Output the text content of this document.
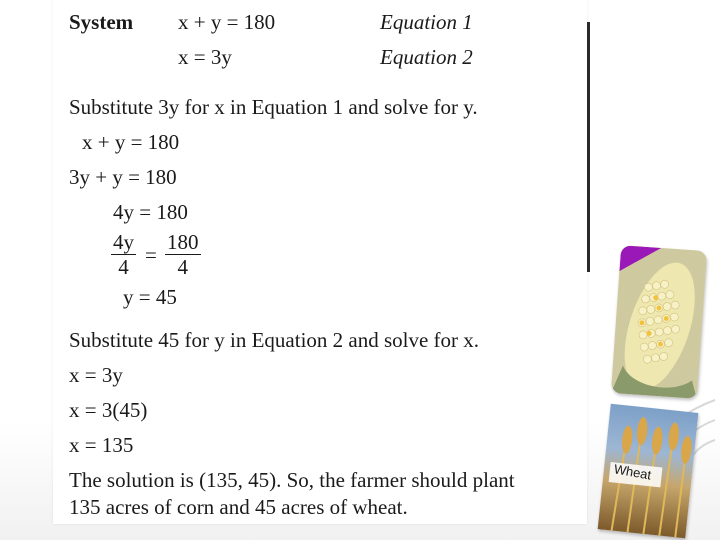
System x + y = 180	Equation 1
x = 3y	Equation 2
Substitute 3y for x in Equation 1 and solve for y.
x + y = 180
3y + y = 180
4y = 180
$\frac{4y}{4} = \frac{180}{4}$
y = 45
Substitute 45 for y in Equation 2 and solve for x.
x = 3y
x = 3(45)
x = 135
The solution is (135, 45). So, the farmer should plant
135 acres of corn and 45 acres of wheat.
Wheat
